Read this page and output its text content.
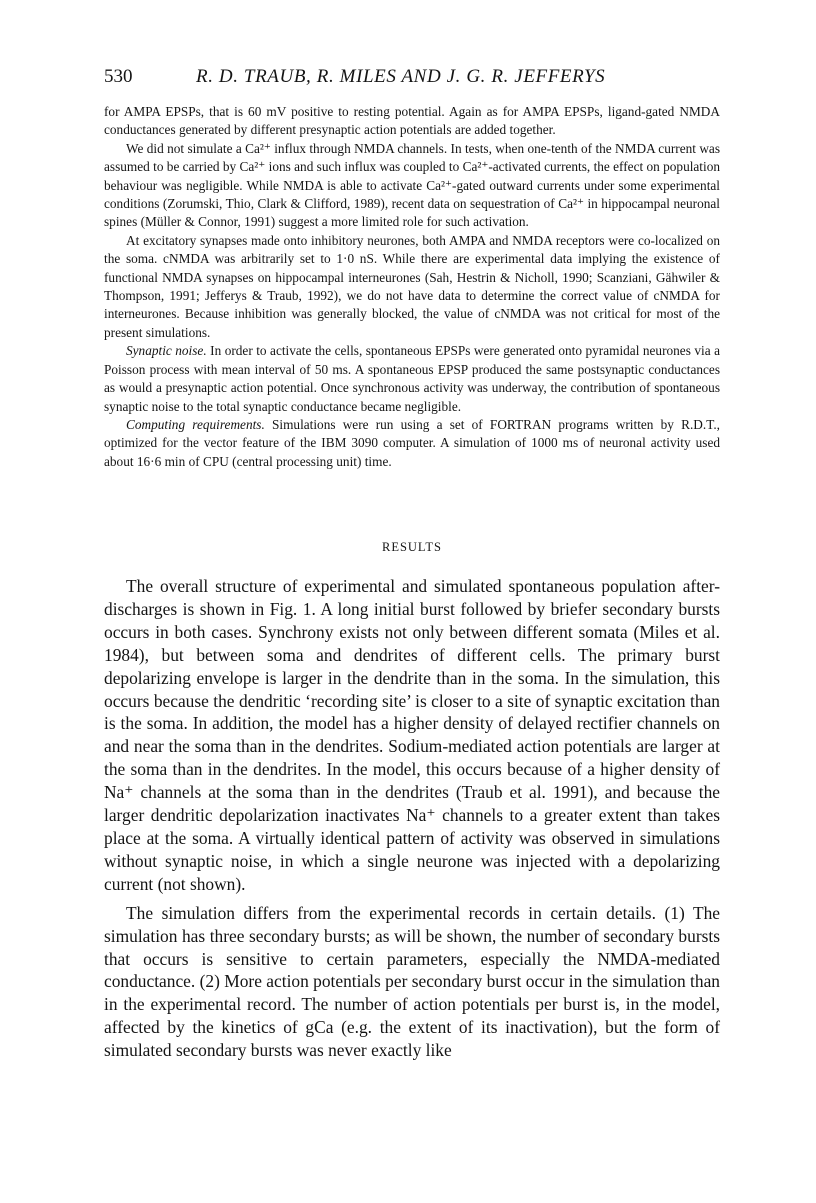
530	R. D. TRAUB, R. MILES AND J. G. R. JEFFERYS

for AMPA EPSPs, that is 60 mV positive to resting potential. Again as for AMPA EPSPs, ligand-gated NMDA conductances generated by different presynaptic action potentials are added together.

We did not simulate a Ca²⁺ influx through NMDA channels. In tests, when one-tenth of the NMDA current was assumed to be carried by Ca²⁺ ions and such influx was coupled to Ca²⁺-activated currents, the effect on population behaviour was negligible. While NMDA is able to activate Ca²⁺-gated outward currents under some experimental conditions (Zorumski, Thio, Clark & Clifford, 1989), recent data on sequestration of Ca²⁺ in hippocampal neuronal spines (Müller & Connor, 1991) suggest a more limited role for such activation.

At excitatory synapses made onto inhibitory neurones, both AMPA and NMDA receptors were co-localized on the soma. cNMDA was arbitrarily set to 1·0 nS. While there are experimental data implying the existence of functional NMDA synapses on hippocampal interneurones (Sah, Hestrin & Nicholl, 1990; Scanziani, Gähwiler & Thompson, 1991; Jefferys & Traub, 1992), we do not have data to determine the correct value of cNMDA for interneurones. Because inhibition was generally blocked, the value of cNMDA was not critical for most of the present simulations.

Synaptic noise. In order to activate the cells, spontaneous EPSPs were generated onto pyramidal neurones via a Poisson process with mean interval of 50 ms. A spontaneous EPSP produced the same postsynaptic conductances as would a presynaptic action potential. Once synchronous activity was underway, the contribution of spontaneous synaptic noise to the total synaptic conductance became negligible.

Computing requirements. Simulations were run using a set of FORTRAN programs written by R.D.T., optimized for the vector feature of the IBM 3090 computer. A simulation of 1000 ms of neuronal activity used about 16·6 min of CPU (central processing unit) time.

RESULTS

The overall structure of experimental and simulated spontaneous population after-discharges is shown in Fig. 1. A long initial burst followed by briefer secondary bursts occurs in both cases. Synchrony exists not only between different somata (Miles et al. 1984), but between soma and dendrites of different cells. The primary burst depolarizing envelope is larger in the dendrite than in the soma. In the simulation, this occurs because the dendritic ‘recording site’ is closer to a site of synaptic excitation than is the soma. In addition, the model has a higher density of delayed rectifier channels on and near the soma than in the dendrites. Sodium-mediated action potentials are larger at the soma than in the dendrites. In the model, this occurs because of a higher density of Na⁺ channels at the soma than in the dendrites (Traub et al. 1991), and because the larger dendritic depolarization inactivates Na⁺ channels to a greater extent than takes place at the soma. A virtually identical pattern of activity was observed in simulations without synaptic noise, in which a single neurone was injected with a depolarizing current (not shown).

The simulation differs from the experimental records in certain details. (1) The simulation has three secondary bursts; as will be shown, the number of secondary bursts that occurs is sensitive to certain parameters, especially the NMDA-mediated conductance. (2) More action potentials per secondary burst occur in the simulation than in the experimental record. The number of action potentials per burst is, in the model, affected by the kinetics of gCa (e.g. the extent of its inactivation), but the form of simulated secondary bursts was never exactly like
